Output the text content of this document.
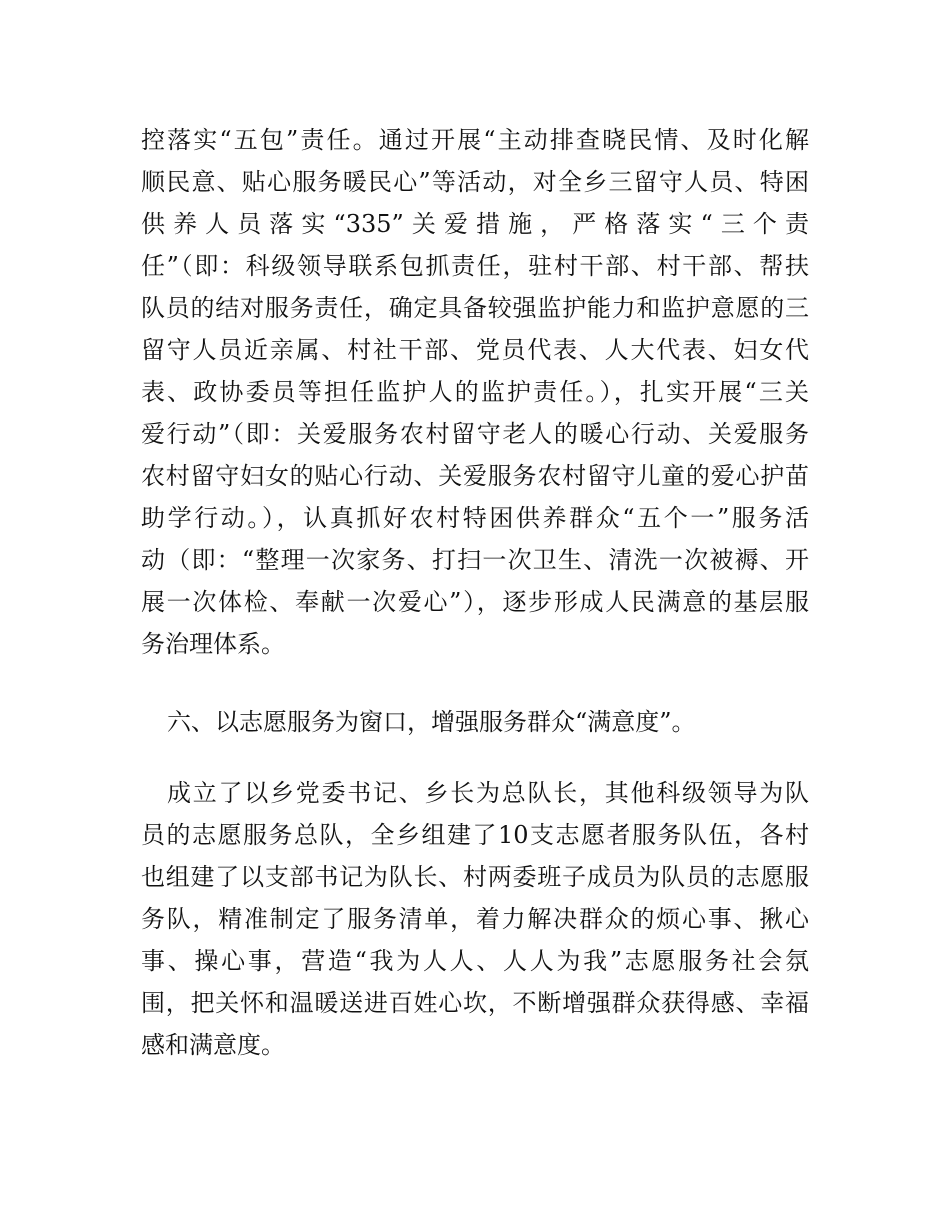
控落实“五包”责任。通过开展“主动排查晓民情、及时化解
顺民意、贴心服务暖民心”等活动，对全乡三留守人员、特困
供养人员落实“335”关爱措施，严格落实“三个责
任”（即：科级领导联系包抓责任，驻村干部、村干部、帮扶
队员的结对服务责任，确定具备较强监护能力和监护意愿的三
留守人员近亲属、村社干部、党员代表、人大代表、妇女代
表、政协委员等担任监护人的监护责任。），扎实开展“三关
爱行动”（即：关爱服务农村留守老人的暖心行动、关爱服务
农村留守妇女的贴心行动、关爱服务农村留守儿童的爱心护苗
助学行动。），认真抓好农村特困供养群众“五个一”服务活
动（即：“整理一次家务、打扫一次卫生、清洗一次被褥、开
展一次体检、奉献一次爱心”），逐步形成人民满意的基层服
务治理体系。
六、以志愿服务为窗口，增强服务群众“满意度”。
成立了以乡党委书记、乡长为总队长，其他科级领导为队
员的志愿服务总队，全乡组建了10支志愿者服务队伍，各村
也组建了以支部书记为队长、村两委班子成员为队员的志愿服
务队，精准制定了服务清单，着力解决群众的烦心事、揪心
事、操心事，营造“我为人人、人人为我”志愿服务社会氛
围，把关怀和温暖送进百姓心坎，不断增强群众获得感、幸福
感和满意度。
